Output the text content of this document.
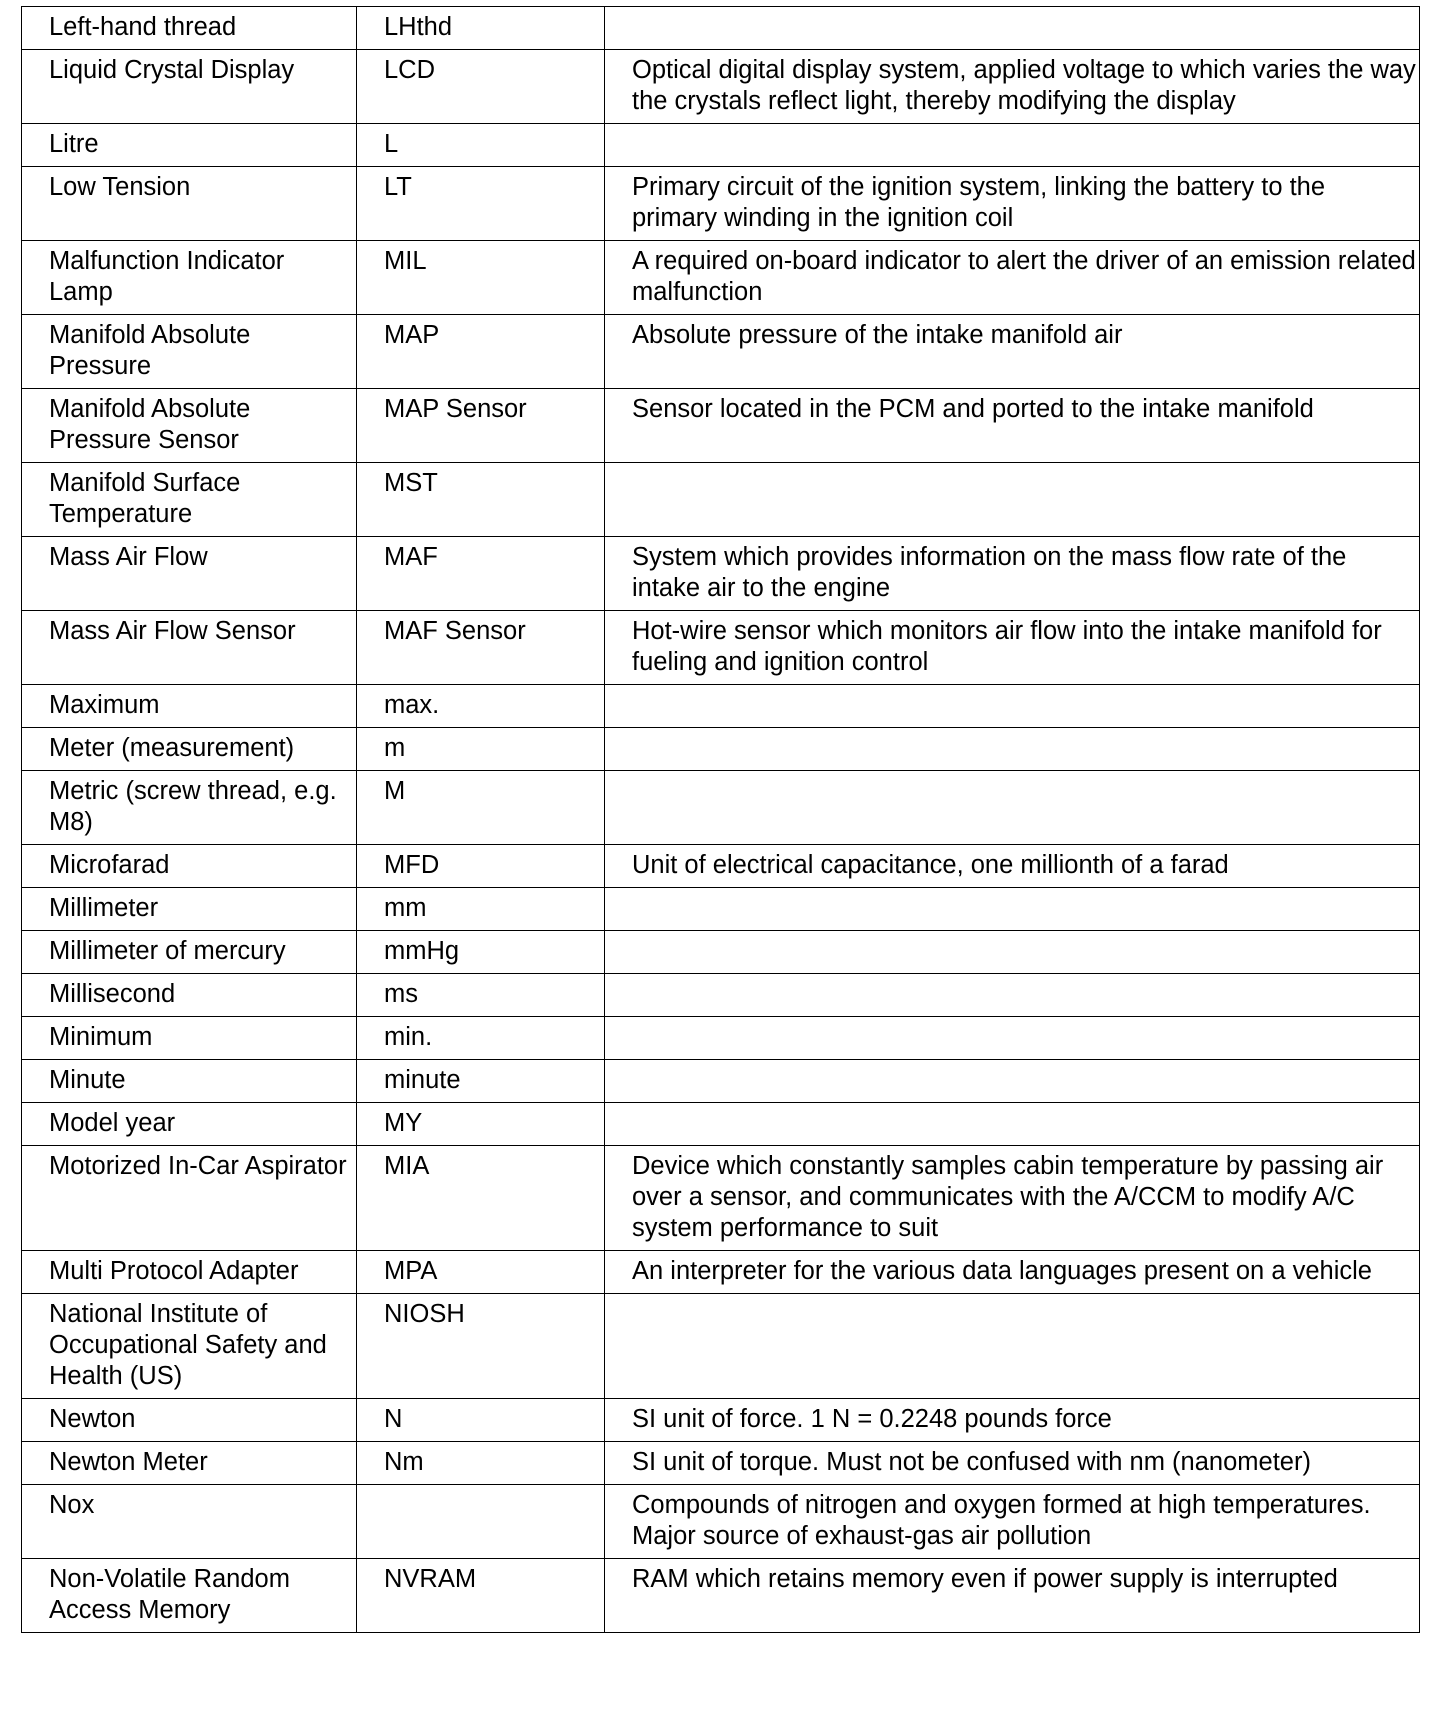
Left-hand thread	LHthd	
Liquid Crystal Display	LCD	Optical digital display system, applied voltage to which varies the way the crystals reflect light, thereby modifying the display
Litre	L	
Low Tension	LT	Primary circuit of the ignition system, linking the battery to the primary winding in the ignition coil
Malfunction Indicator Lamp	MIL	A required on-board indicator to alert the driver of an emission related malfunction
Manifold Absolute Pressure	MAP	Absolute pressure of the intake manifold air
Manifold Absolute Pressure Sensor	MAP Sensor	Sensor located in the PCM and ported to the intake manifold
Manifold Surface Temperature	MST	
Mass Air Flow	MAF	System which provides information on the mass flow rate of the intake air to the engine
Mass Air Flow Sensor	MAF Sensor	Hot-wire sensor which monitors air flow into the intake manifold for fueling and ignition control
Maximum	max.	
Meter (measurement)	m	
Metric (screw thread, e.g. M8)	M	
Microfarad	MFD	Unit of electrical capacitance, one millionth of a farad
Millimeter	mm	
Millimeter of mercury	mmHg	
Millisecond	ms	
Minimum	min.	
Minute	minute	
Model year	MY	
Motorized In-Car Aspirator	MIA	Device which constantly samples cabin temperature by passing air over a sensor, and communicates with the A/CCM to modify A/C system performance to suit
Multi Protocol Adapter	MPA	An interpreter for the various data languages present on a vehicle
National Institute of Occupational Safety and Health (US)	NIOSH	
Newton	N	SI unit of force. 1 N = 0.2248 pounds force
Newton Meter	Nm	SI unit of torque. Must not be confused with nm (nanometer)
Nox		Compounds of nitrogen and oxygen formed at high temperatures. Major source of exhaust-gas air pollution
Non-Volatile Random Access Memory	NVRAM	RAM which retains memory even if power supply is interrupted
